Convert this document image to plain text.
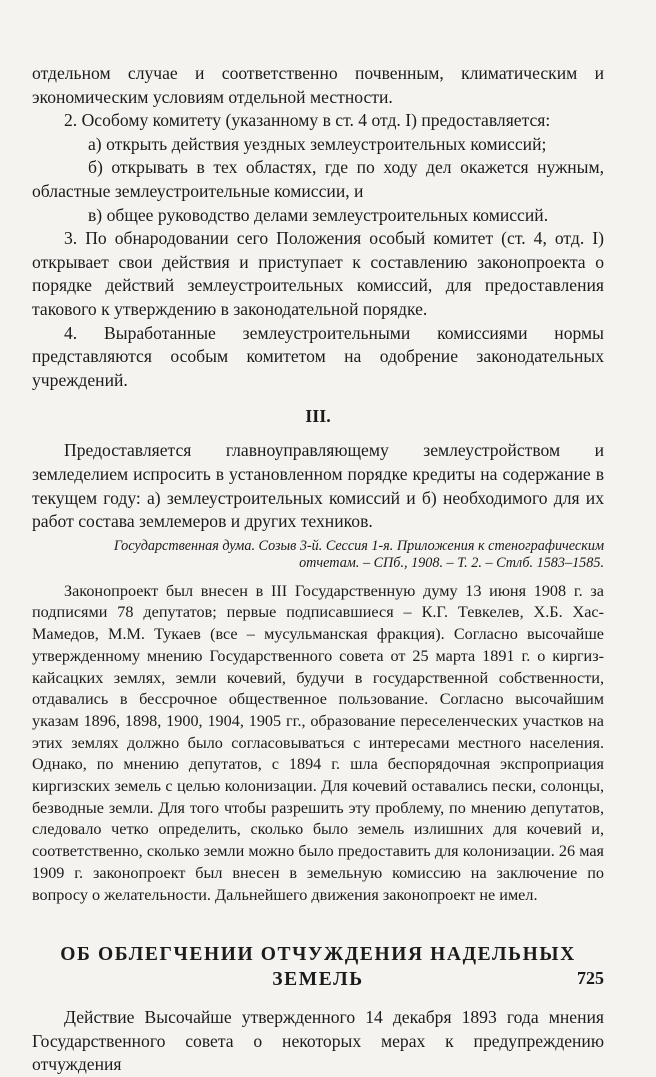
отдельном случае и соответственно почвенным, климатическим и экономическим условиям отдельной местности.

2. Особому комитету (указанному в ст. 4 отд. I) предоставляется:

а) открыть действия уездных землеустроительных комиссий;

б) открывать в тех областях, где по ходу дел окажется нужным, областные землеустроительные комиссии, и

в) общее руководство делами землеустроительных комиссий.

3. По обнародовании сего Положения особый комитет (ст. 4, отд. I) открывает свои действия и приступает к составлению законопроекта о порядке действий землеустроительных комиссий, для предоставления такового к утверждению в законодательной порядке.

4. Выработанные землеустроительными комиссиями нормы представляются особым комитетом на одобрение законодательных учреждений.

III.

Предоставляется главноуправляющему землеустройством и земледелием испросить в установленном порядке кредиты на содержание в текущем году: а) землеустроительных комиссий и б) необходимого для их работ состава землемеров и других техников.

Государственная дума. Созыв 3-й. Сессия 1-я. Приложения к стенографическим
отчетам. – СПб., 1908. – Т. 2. – Стлб. 1583–1585.

Законопроект был внесен в III Государственную думу 13 июня 1908 г. за подписями 78 депутатов; первые подписавшиеся – К.Г. Тевкелев, Х.Б. Хас-Мамедов, М.М. Тукаев (все – мусульманская фракция). Согласно высочайше утвержденному мнению Государственного совета от 25 марта 1891 г. о киргиз-кайсацких землях, земли кочевий, будучи в государственной собственности, отдавались в бессрочное общественное пользование. Согласно высочайшим указам 1896, 1898, 1900, 1904, 1905 гг., образование переселенческих участков на этих землях должно было согласовываться с интересами местного населения. Однако, по мнению депутатов, с 1894 г. шла беспорядочная экспроприация киргизских земель с целью колонизации. Для кочевий оставались пески, солонцы, безводные земли. Для того чтобы разрешить эту проблему, по мнению депутатов, следовало четко определить, сколько было земель излишних для кочевий и, соответственно, сколько земли можно было предоставить для колонизации. 26 мая 1909 г. законопроект был внесен в земельную комиссию на заключение по вопросу о желательности. Дальнейшего движения законопроект не имел.

ОБ ОБЛЕГЧЕНИИ ОТЧУЖДЕНИЯ НАДЕЛЬНЫХ ЗЕМЕЛЬ

Действие Высочайше утвержденного 14 декабря 1893 года мнения Государственного совета о некоторых мерах к предупреждению отчуждения

725
